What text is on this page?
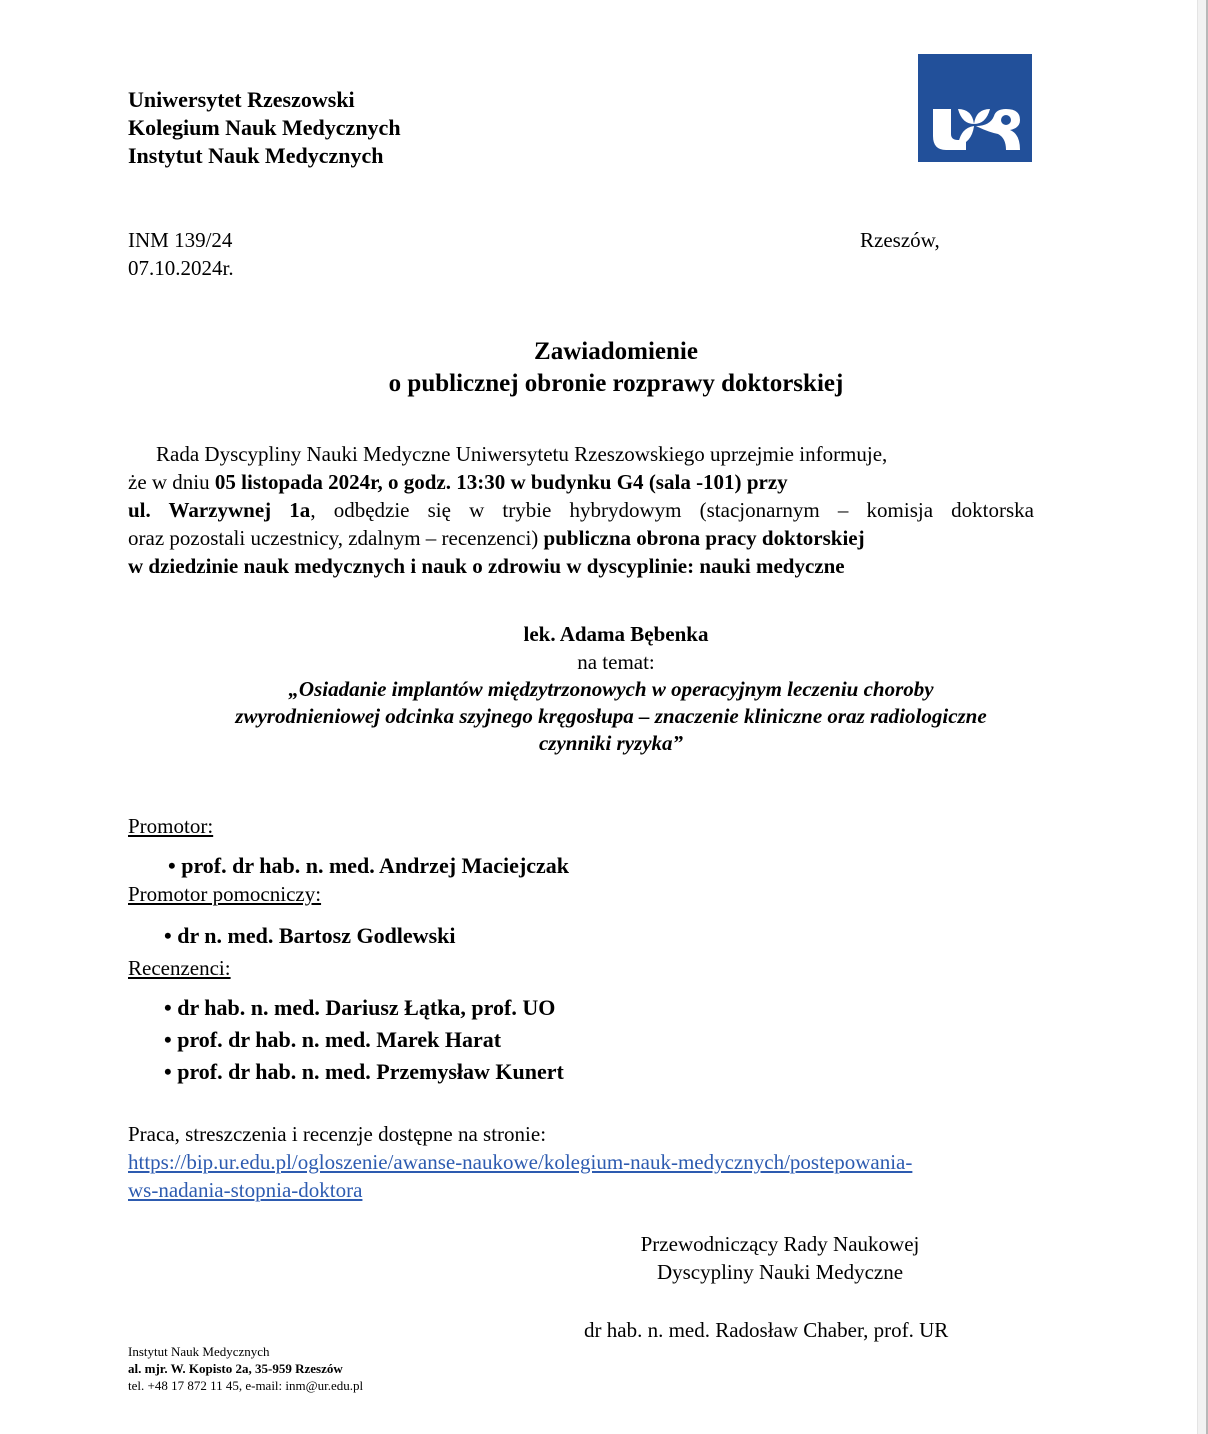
Uniwersytet Rzeszowski
Kolegium Nauk Medycznych
Instytut Nauk Medycznych
INM 139/24
07.10.2024r.
Rzeszów,
Zawiadomienie
o publicznej obronie rozprawy doktorskiej
Rada Dyscypliny Nauki Medyczne Uniwersytetu Rzeszowskiego uprzejmie informuje,
że w dniu 05 listopada 2024r, o godz. 13:30 w budynku G4 (sala -101) przy
ul. Warzywnej 1a, odbędzie się w trybie hybrydowym (stacjonarnym – komisja doktorska
oraz pozostali uczestnicy, zdalnym – recenzenci) publiczna obrona pracy doktorskiej
w dziedzinie nauk medycznych i nauk o zdrowiu w dyscyplinie: nauki medyczne
lek. Adama Bębenka
na temat:
„Osiadanie implantów międzytrzonowych w operacyjnym leczeniu choroby
zwyrodnieniowej odcinka szyjnego kręgosłupa – znaczenie kliniczne oraz radiologiczne
czynniki ryzyka”
Promotor:
• prof. dr hab. n. med. Andrzej Maciejczak
Promotor pomocniczy:
• dr n. med. Bartosz Godlewski
Recenzenci:
• dr hab. n. med. Dariusz Łątka, prof. UO
• prof. dr hab. n. med. Marek Harat
• prof. dr hab. n. med. Przemysław Kunert
Praca, streszczenia i recenzje dostępne na stronie:
https://bip.ur.edu.pl/ogloszenie/awanse-naukowe/kolegium-nauk-medycznych/postepowania-
ws-nadania-stopnia-doktora
Przewodniczący Rady Naukowej
Dyscypliny Nauki Medyczne
dr hab. n. med. Radosław Chaber, prof. UR
Instytut Nauk Medycznych
al. mjr. W. Kopisto 2a, 35-959 Rzeszów
tel. +48 17 872 11 45, e-mail: inm@ur.edu.pl
